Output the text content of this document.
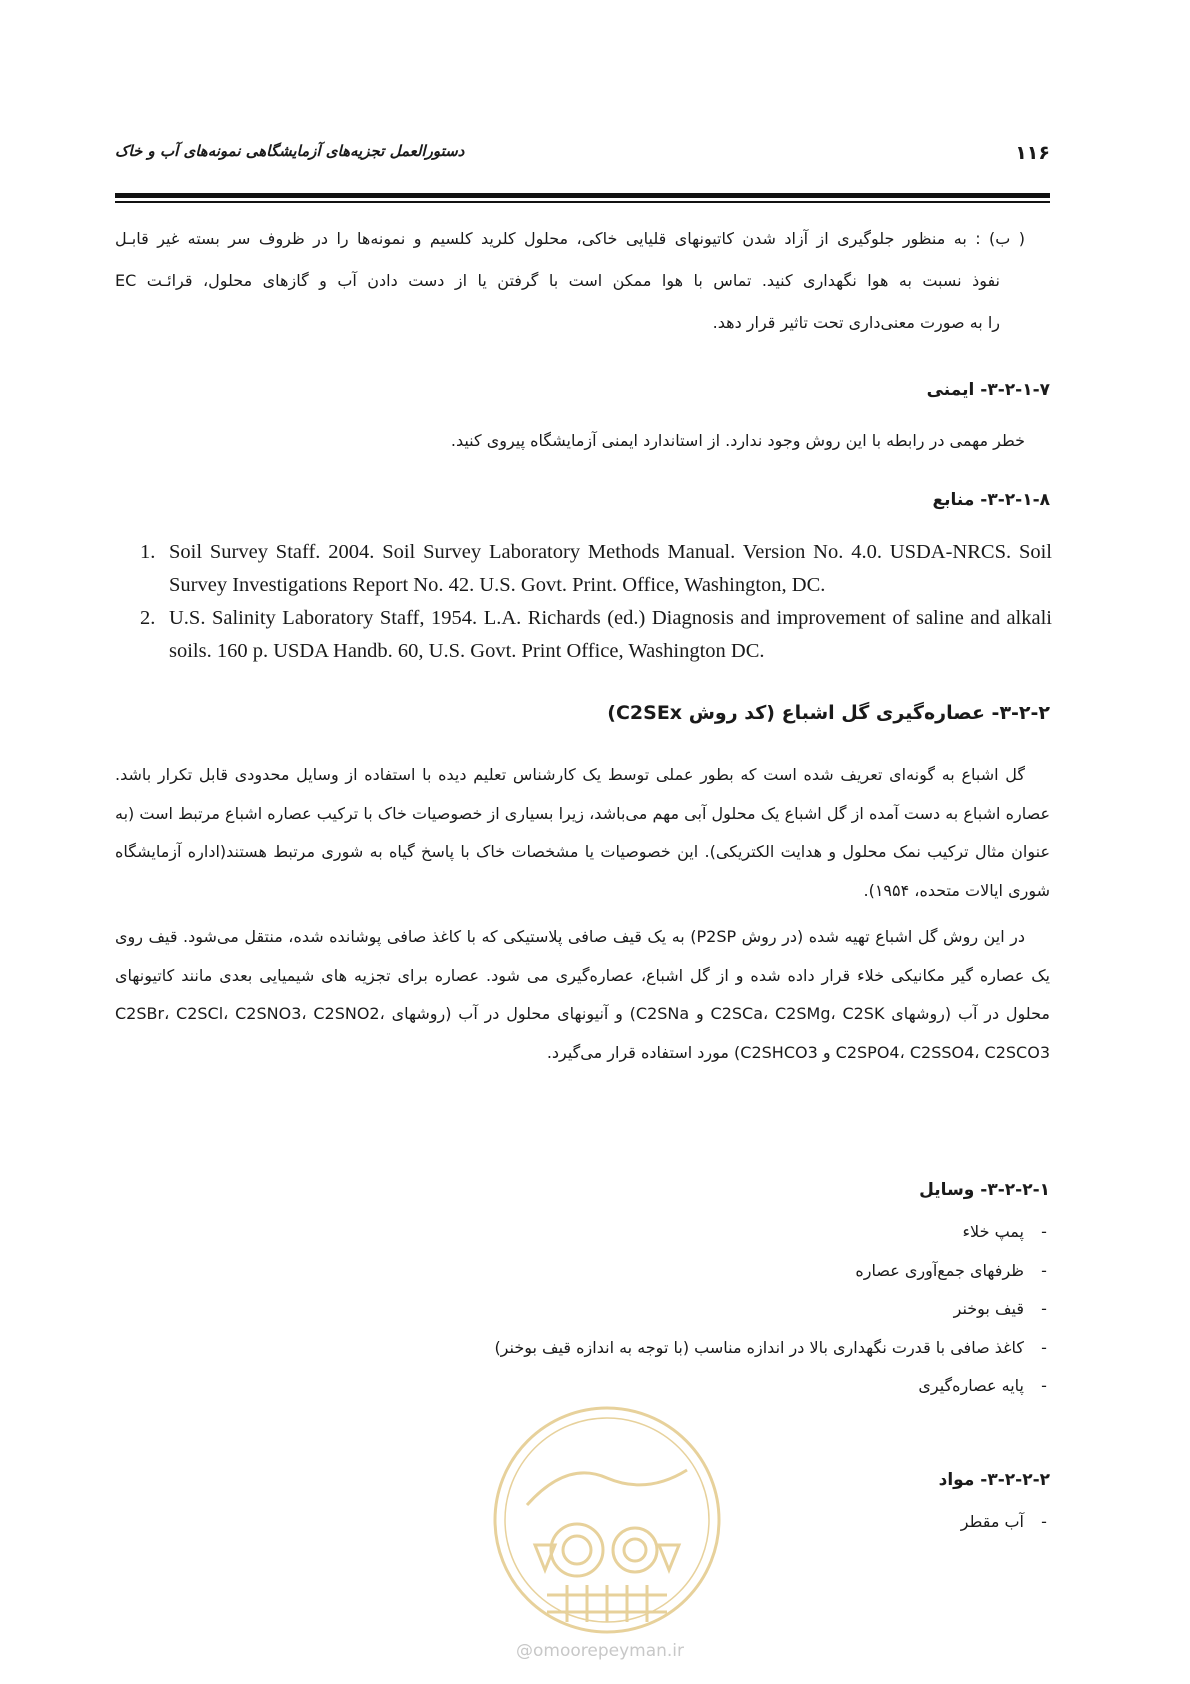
۱۱۶
دستورالعمل تجزیه‌های آزمایشگاهی نمونه‌های آب و خاک
( ب) : به منظور جلوگیری از آزاد شدن کاتیونهای قلیایی خاکی، محلول کلرید کلسیم و نمونه‌ها را در ظروف سر بسته غیر قابـل
نفوذ نسبت به هوا نگهداری کنید. تماس با هوا ممکن است با گرفتن یا از دست دادن آب و گازهای محلول، قرائـت EC
را به صورت معنی‌داری تحت تاثیر قرار دهد.
۳-۲-۱-۷- ایمنی
خطر مهمی در رابطه با این روش وجود ندارد. از استاندارد ایمنی آزمایشگاه پیروی کنید.
۳-۲-۱-۸- منابع
1. Soil Survey Staff. 2004. Soil Survey Laboratory Methods Manual. Version No. 4.0. USDA-NRCS. Soil Survey Investigations Report No. 42. U.S. Govt. Print. Office, Washington, DC.
2. U.S. Salinity Laboratory Staff, 1954. L.A. Richards (ed.) Diagnosis and improvement of saline and alkali soils. 160 p. USDA Handb. 60, U.S. Govt. Print Office, Washington DC.
۳-۲-۲- عصاره‌گیری گل اشباع (کد روش C2SEx)

گل اشباع به گونه‌ای تعریف شده است که بطور عملی توسط یک کارشناس تعلیم دیده با استفاده از وسایل محدودی قابل تکرار باشد. عصاره اشباع به دست آمده از گل اشباع یک محلول آبی مهم می‌باشد، زیرا بسیاری از خصوصیات خاک با ترکیب عصاره اشباع مرتبط است (به عنوان مثال ترکیب نمک محلول و هدایت الکتریکی). این خصوصیات یا مشخصات خاک با پاسخ گیاه به شوری مرتبط هستند(اداره آزمایشگاه شوری ایالات متحده، ۱۹۵۴).

در این روش گل اشباع تهیه شده (در روش P2SP) به یک قیف صافی پلاستیکی که با کاغذ صافی پوشانده شده، منتقل می‌شود. قیف روی یک عصاره گیر مکانیکی خلاء قرار داده شده و از گل اشباع، عصاره‌گیری می شود. عصاره برای تجزیه های شیمیایی بعدی مانند کاتیونهای محلول در آب (روشهای C2SCa، C2SMg، C2SK و C2SNa) و آنیونهای محلول در آب (روشهای C2SBr، C2SCl، C2SNO3، C2SNO2، C2SPO4، C2SSO4، C2SCO3 و C2SHCO3) مورد استفاده قرار می‌گیرد.

۳-۲-۲-۱- وسایل
-
پمپ خلاء
-
ظرفهای جمع‌آوری عصاره
-
قیف بوخنر
-
کاغذ صافی با قدرت نگهداری بالا در اندازه مناسب (با توجه به اندازه قیف بوخنر)
-
پایه عصاره‌گیری
۳-۲-۲-۲- مواد
-
آب مقطر
@omoorepeyman.ir
